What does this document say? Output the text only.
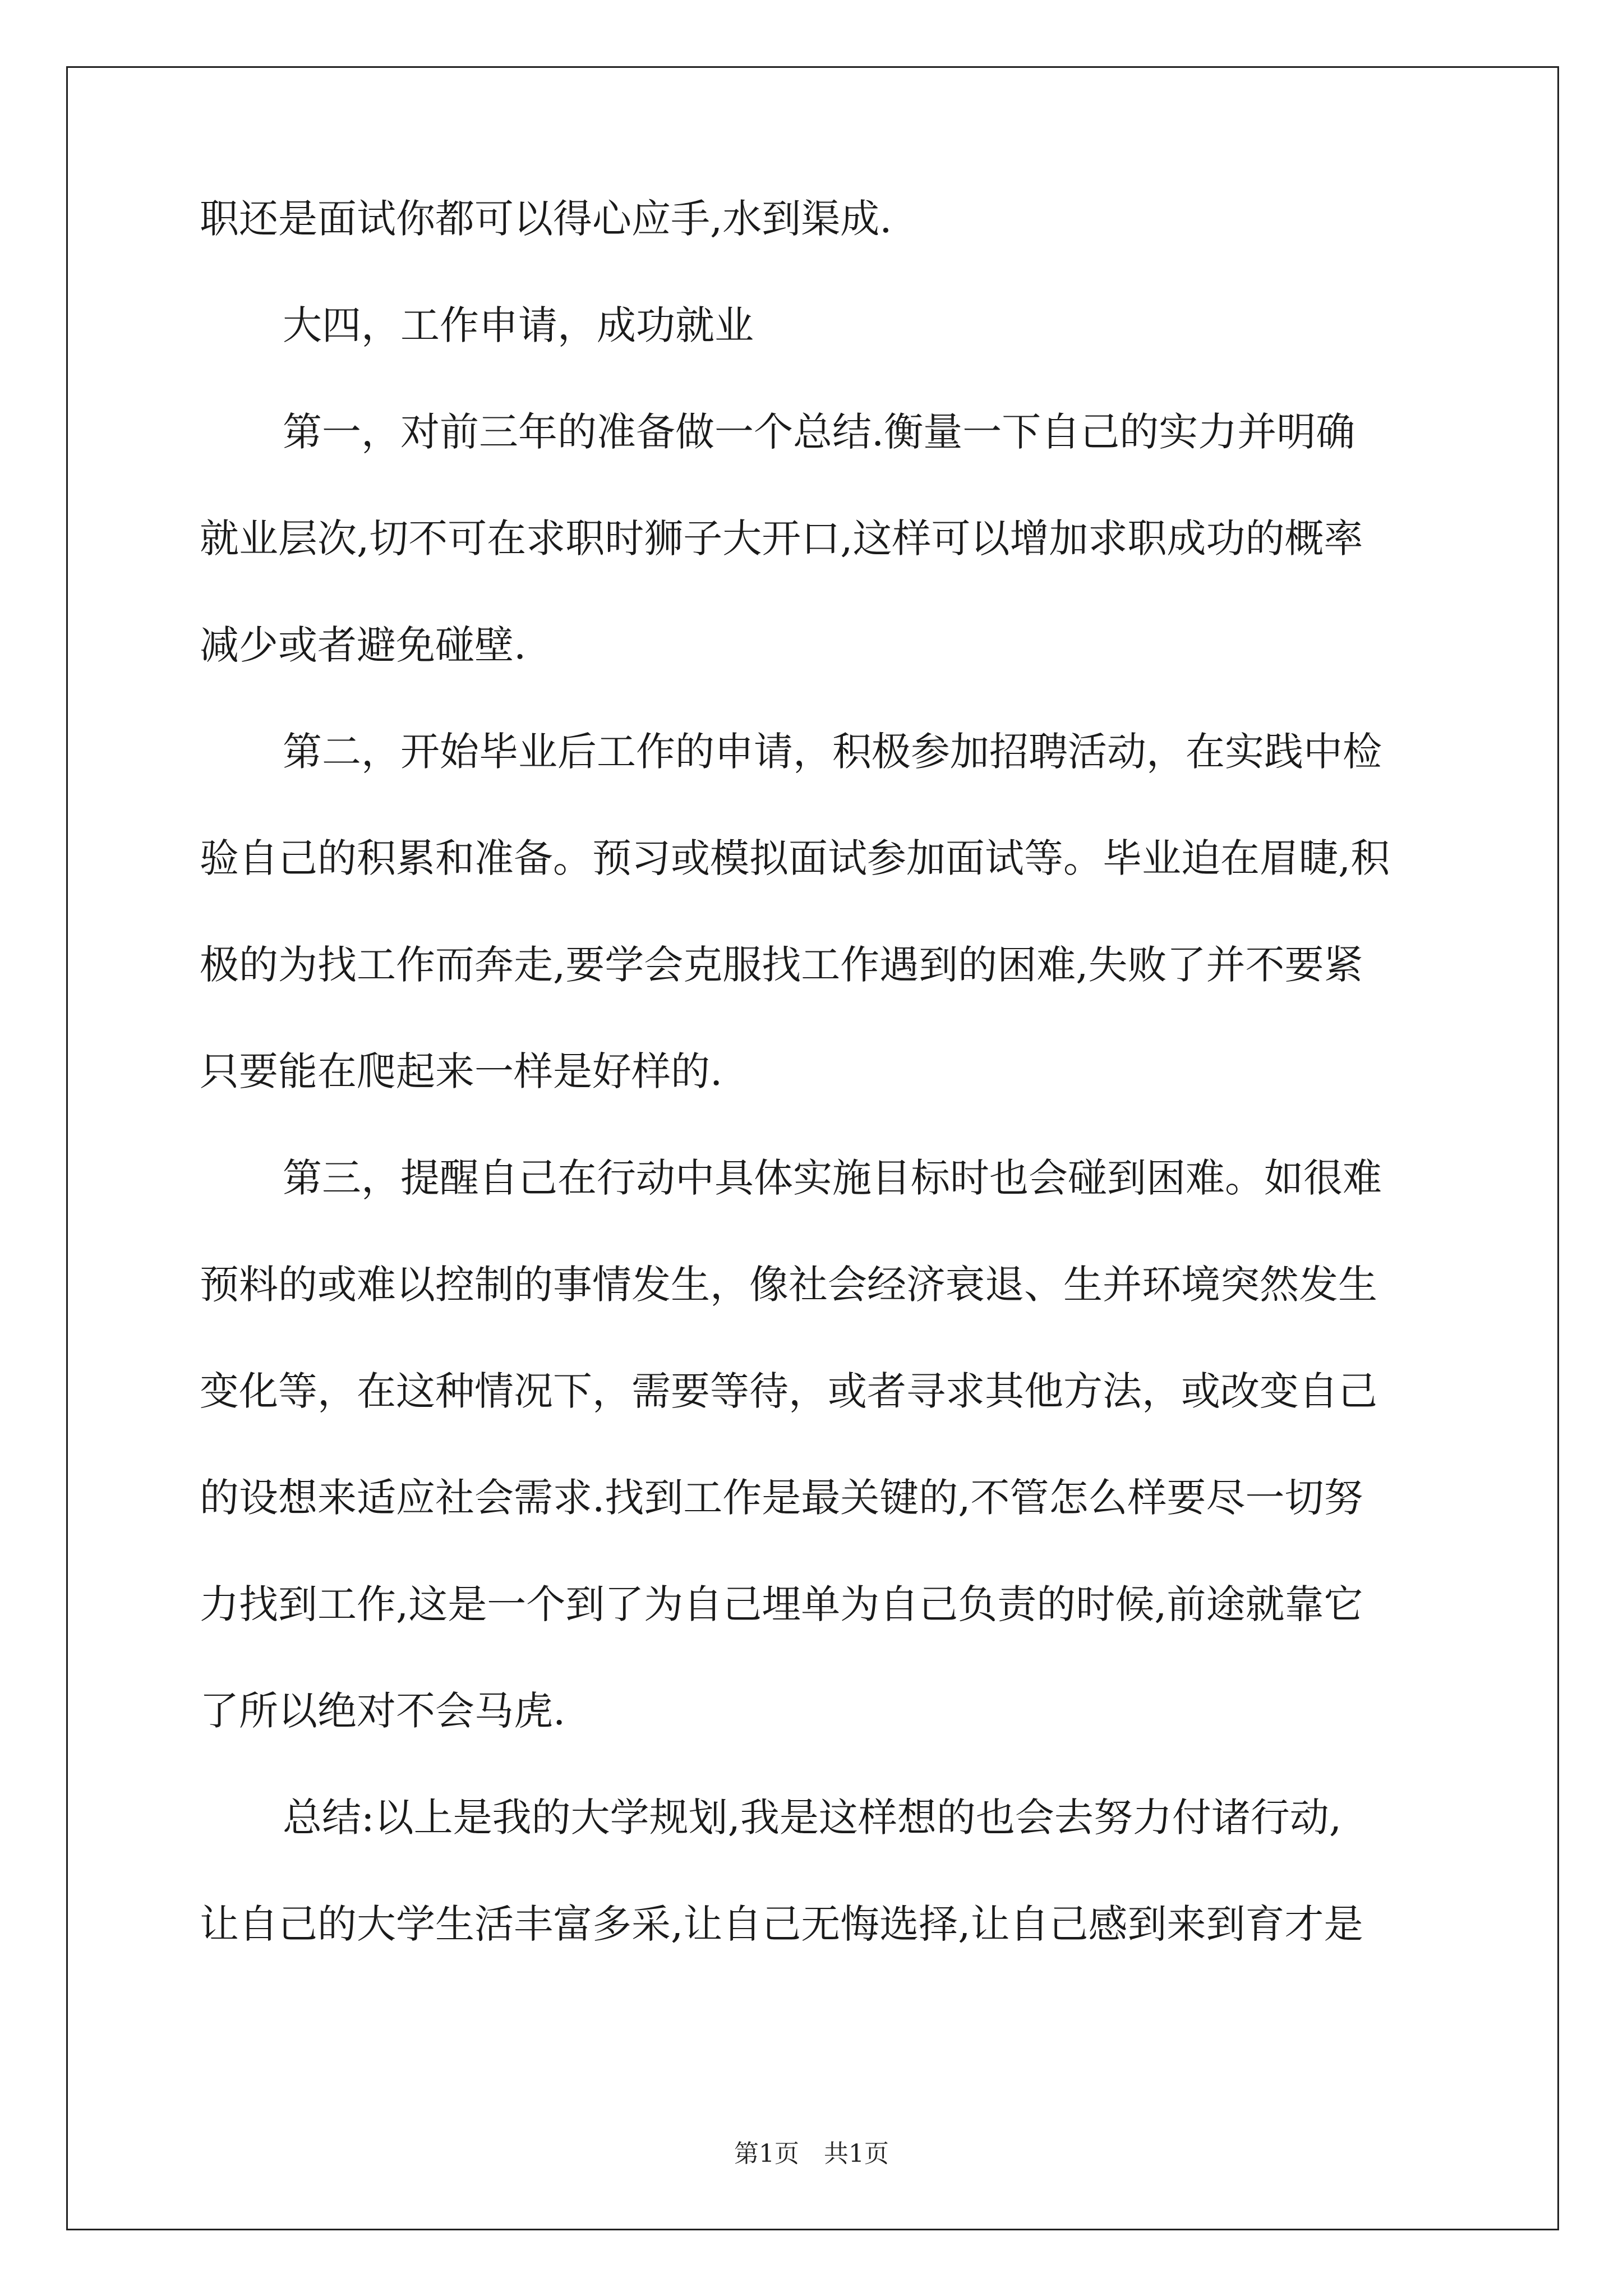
职还是面试你都可以得心应手,水到渠成.
大四，工作申请，成功就业
第一，对前三年的准备做一个总结.衡量一下自己的实力并明确
就业层次,切不可在求职时狮子大开口,这样可以增加求职成功的概率
减少或者避免碰壁.
第二，开始毕业后工作的申请，积极参加招聘活动，在实践中检
验自己的积累和准备。预习或模拟面试参加面试等。毕业迫在眉睫,积
极的为找工作而奔走,要学会克服找工作遇到的困难,失败了并不要紧
只要能在爬起来一样是好样的.
第三，提醒自己在行动中具体实施目标时也会碰到困难。如很难
预料的或难以控制的事情发生，像社会经济衰退、生并环境突然发生
变化等，在这种情况下，需要等待，或者寻求其他方法，或改变自己
的设想来适应社会需求.找到工作是最关键的,不管怎么样要尽一切努
力找到工作,这是一个到了为自己埋单为自己负责的时候,前途就靠它
了所以绝对不会马虎.
总结:以上是我的大学规划,我是这样想的也会去努力付诸行动,
让自己的大学生活丰富多采,让自己无悔选择,让自己感到来到育才是
第1页　共1页
